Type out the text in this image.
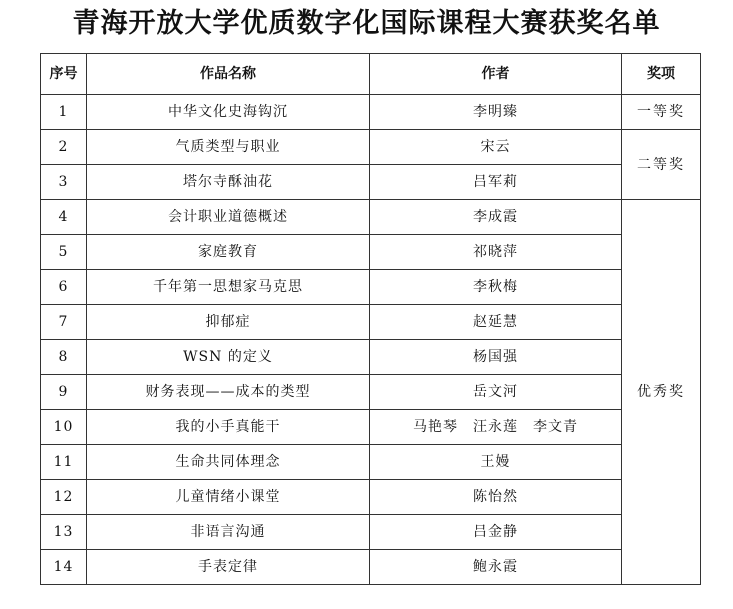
青海开放大学优质数字化国际课程大赛获奖名单
序号	作品名称	作者	奖项
1	中华文化史海钩沉	李明臻	一等奖
2	气质类型与职业	宋云	二等奖
3	塔尔寺酥油花	吕军莉	
4	会计职业道德概述	李成霞	优秀奖
5	家庭教育	祁晓萍	
6	千年第一思想家马克思	李秋梅	
7	抑郁症	赵延慧	
8	WSN 的定义	杨国强	
9	财务表现——成本的类型	岳文河	
10	我的小手真能干	马艳琴　汪永莲　李文青	
11	生命共同体理念	王嫚	
12	儿童情绪小课堂	陈怡然	
13	非语言沟通	吕金静	
14	手表定律	鲍永霞	
